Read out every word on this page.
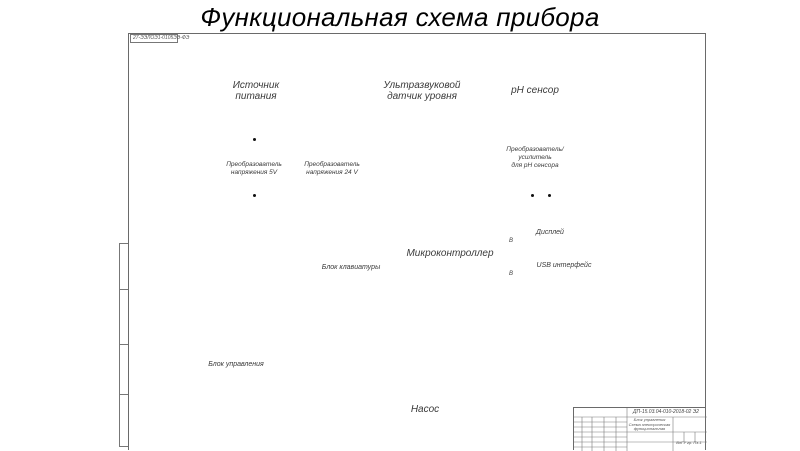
Функциональная схема прибора
27-ЭЭЛОЭ1-0105ЭЭ-ФЭ
Источник
питания
Ультразвуковой
датчик уровня
pH сенсор
Преобразователь
напряжения 5V
Преобразователь
напряжения 24 V
Преобразователь/
усилитель
для pH сенсора
Дисплей
В
Микроконтроллер
Блок клавиатуры	USB интерфейс
В
Блок управления
Насос	ДП-15.03.04-010-2018-02 Э2
Блок управления
Схема электрическая
функциональная
ВлГУ гр. Пз-1
